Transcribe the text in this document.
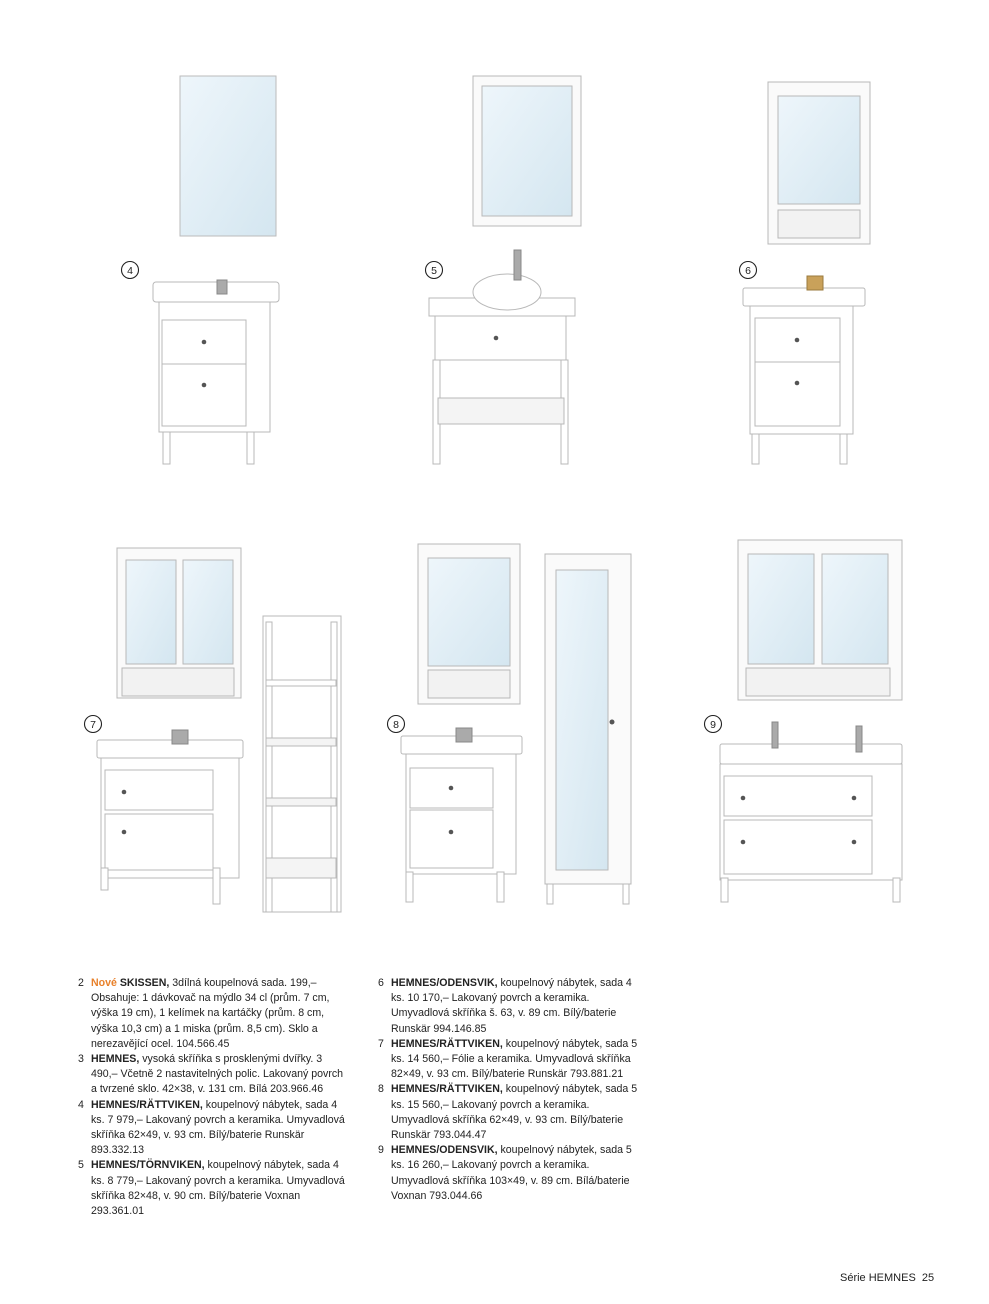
4	5	6
7	8	9
2 Nové SKISSEN, 3dílná koupelnová sada. 199,– Obsahuje: 1 dávkovač na mýdlo 34 cl (prům. 7 cm, výška 19 cm), 1 kelímek na kartáčky (prům. 8 cm, výška 10,3 cm) a 1 miska (prům. 8,5 cm). Sklo a nerezavějící ocel. 104.566.45
3 HEMNES, vysoká skříňka s prosklenými dvířky. 3 490,– Včetně 2 nastavitelných polic. Lakovaný povrch a tvrzené sklo. 42×38, v. 131 cm. Bílá 203.966.46
4 HEMNES/RÄTTVIKEN, koupelnový nábytek, sada 4 ks. 7 979,– Lakovaný povrch a keramika. Umyvadlová skříňka 62×49, v. 93 cm. Bílý/baterie Runskär 893.332.13
5 HEMNES/TÖRNVIKEN, koupelnový nábytek, sada 4 ks. 8 779,– Lakovaný povrch a keramika. Umyvadlová skříňka 82×48, v. 90 cm. Bílý/baterie Voxnan 293.361.01
6 HEMNES/ODENSVIK, koupelnový nábytek, sada 4 ks. 10 170,– Lakovaný povrch a keramika. Umyvadlová skříňka š. 63, v. 89 cm. Bílý/baterie Runskär 994.146.85
7 HEMNES/RÄTTVIKEN, koupelnový nábytek, sada 5 ks. 14 560,– Fólie a keramika. Umyvadlová skříňka 82×49, v. 93 cm. Bílý/baterie Runskär 793.881.21
8 HEMNES/RÄTTVIKEN, koupelnový nábytek, sada 5 ks. 15 560,– Lakovaný povrch a keramika. Umyvadlová skříňka 62×49, v. 93 cm. Bílý/baterie Runskär 793.044.47
9 HEMNES/ODENSVIK, koupelnový nábytek, sada 5 ks. 16 260,– Lakovaný povrch a keramika. Umyvadlová skříňka 103×49, v. 89 cm. Bílá/baterie Voxnan 793.044.66
Série HEMNES 25
